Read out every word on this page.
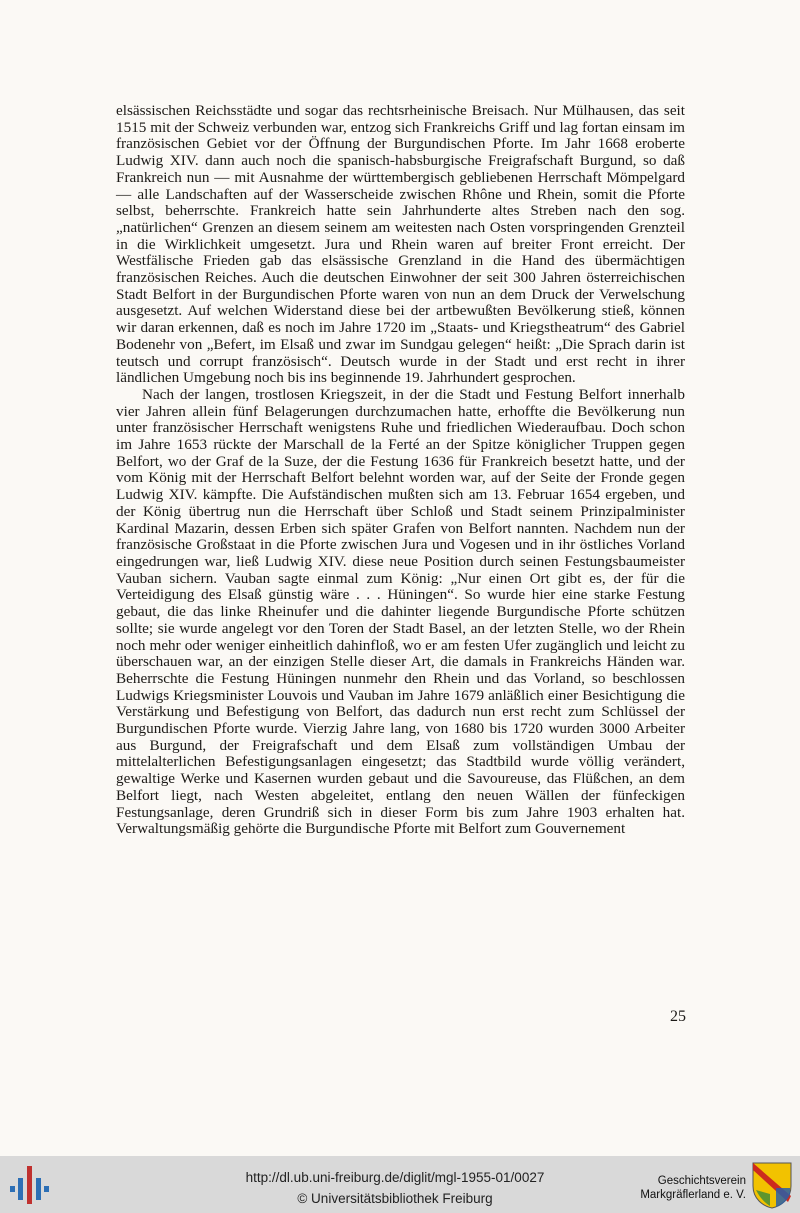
elsässischen Reichsstädte und sogar das rechtsrheinische Breisach. Nur Mülhausen, das seit 1515 mit der Schweiz verbunden war, entzog sich Frankreichs Griff und lag fortan einsam im französischen Gebiet vor der Öffnung der Burgundischen Pforte. Im Jahr 1668 eroberte Ludwig XIV. dann auch noch die spanisch-habsburgische Freigrafschaft Burgund, so daß Frankreich nun — mit Ausnahme der württembergisch gebliebenen Herrschaft Mömpelgard — alle Landschaften auf der Wasserscheide zwischen Rhône und Rhein, somit die Pforte selbst, beherrschte. Frankreich hatte sein Jahrhunderte altes Streben nach den sog. „natürlichen“ Grenzen an diesem seinem am weitesten nach Osten vorspringenden Grenzteil in die Wirklichkeit umgesetzt. Jura und Rhein waren auf breiter Front erreicht. Der Westfälische Frieden gab das elsässische Grenzland in die Hand des übermächtigen französischen Reiches. Auch die deutschen Einwohner der seit 300 Jahren österreichischen Stadt Belfort in der Burgundischen Pforte waren von nun an dem Druck der Verwelschung ausgesetzt. Auf welchen Widerstand diese bei der artbewußten Bevölkerung stieß, können wir daran erkennen, daß es noch im Jahre 1720 im „Staats- und Kriegstheatrum“ des Gabriel Bodenehr von „Befert, im Elsaß und zwar im Sundgau gelegen“ heißt: „Die Sprach darin ist teutsch und corrupt französisch“. Deutsch wurde in der Stadt und erst recht in ihrer ländlichen Umgebung noch bis ins beginnende 19. Jahrhundert gesprochen.

Nach der langen, trostlosen Kriegszeit, in der die Stadt und Festung Belfort innerhalb vier Jahren allein fünf Belagerungen durchzumachen hatte, erhoffte die Bevölkerung nun unter französischer Herrschaft wenigstens Ruhe und friedlichen Wiederaufbau. Doch schon im Jahre 1653 rückte der Marschall de la Ferté an der Spitze königlicher Truppen gegen Belfort, wo der Graf de la Suze, der die Festung 1636 für Frankreich besetzt hatte, und der vom König mit der Herrschaft Belfort belehnt worden war, auf der Seite der Fronde gegen Ludwig XIV. kämpfte. Die Aufständischen mußten sich am 13. Februar 1654 ergeben, und der König übertrug nun die Herrschaft über Schloß und Stadt seinem Prinzipalminister Kardinal Mazarin, dessen Erben sich später Grafen von Belfort nannten. Nachdem nun der französische Großstaat in die Pforte zwischen Jura und Vogesen und in ihr östliches Vorland eingedrungen war, ließ Ludwig XIV. diese neue Position durch seinen Festungsbaumeister Vauban sichern. Vauban sagte einmal zum König: „Nur einen Ort gibt es, der für die Verteidigung des Elsaß günstig wäre . . . Hüningen“. So wurde hier eine starke Festung gebaut, die das linke Rheinufer und die dahinter liegende Burgundische Pforte schützen sollte; sie wurde angelegt vor den Toren der Stadt Basel, an der letzten Stelle, wo der Rhein noch mehr oder weniger einheitlich dahinfloß, wo er am festen Ufer zugänglich und leicht zu überschauen war, an der einzigen Stelle dieser Art, die damals in Frankreichs Händen war. Beherrschte die Festung Hüningen nunmehr den Rhein und das Vorland, so beschlossen Ludwigs Kriegsminister Louvois und Vauban im Jahre 1679 anläßlich einer Besichtigung die Verstärkung und Befestigung von Belfort, das dadurch nun erst recht zum Schlüssel der Burgundischen Pforte wurde. Vierzig Jahre lang, von 1680 bis 1720 wurden 3000 Arbeiter aus Burgund, der Freigrafschaft und dem Elsaß zum vollständigen Umbau der mittelalterlichen Befestigungsanlagen eingesetzt; das Stadtbild wurde völlig verändert, gewaltige Werke und Kasernen wurden gebaut und die Savoureuse, das Flüßchen, an dem Belfort liegt, nach Westen abgeleitet, entlang den neuen Wällen der fünfeckigen Festungsanlage, deren Grundriß sich in dieser Form bis zum Jahre 1903 erhalten hat. Verwaltungsmäßig gehörte die Burgundische Pforte mit Belfort zum Gouvernement

25
http://dl.ub.uni-freiburg.de/diglit/mgl-1955-01/0027
© Universitätsbibliothek Freiburg
Geschichtsverein
Markgräflerland e. V.
